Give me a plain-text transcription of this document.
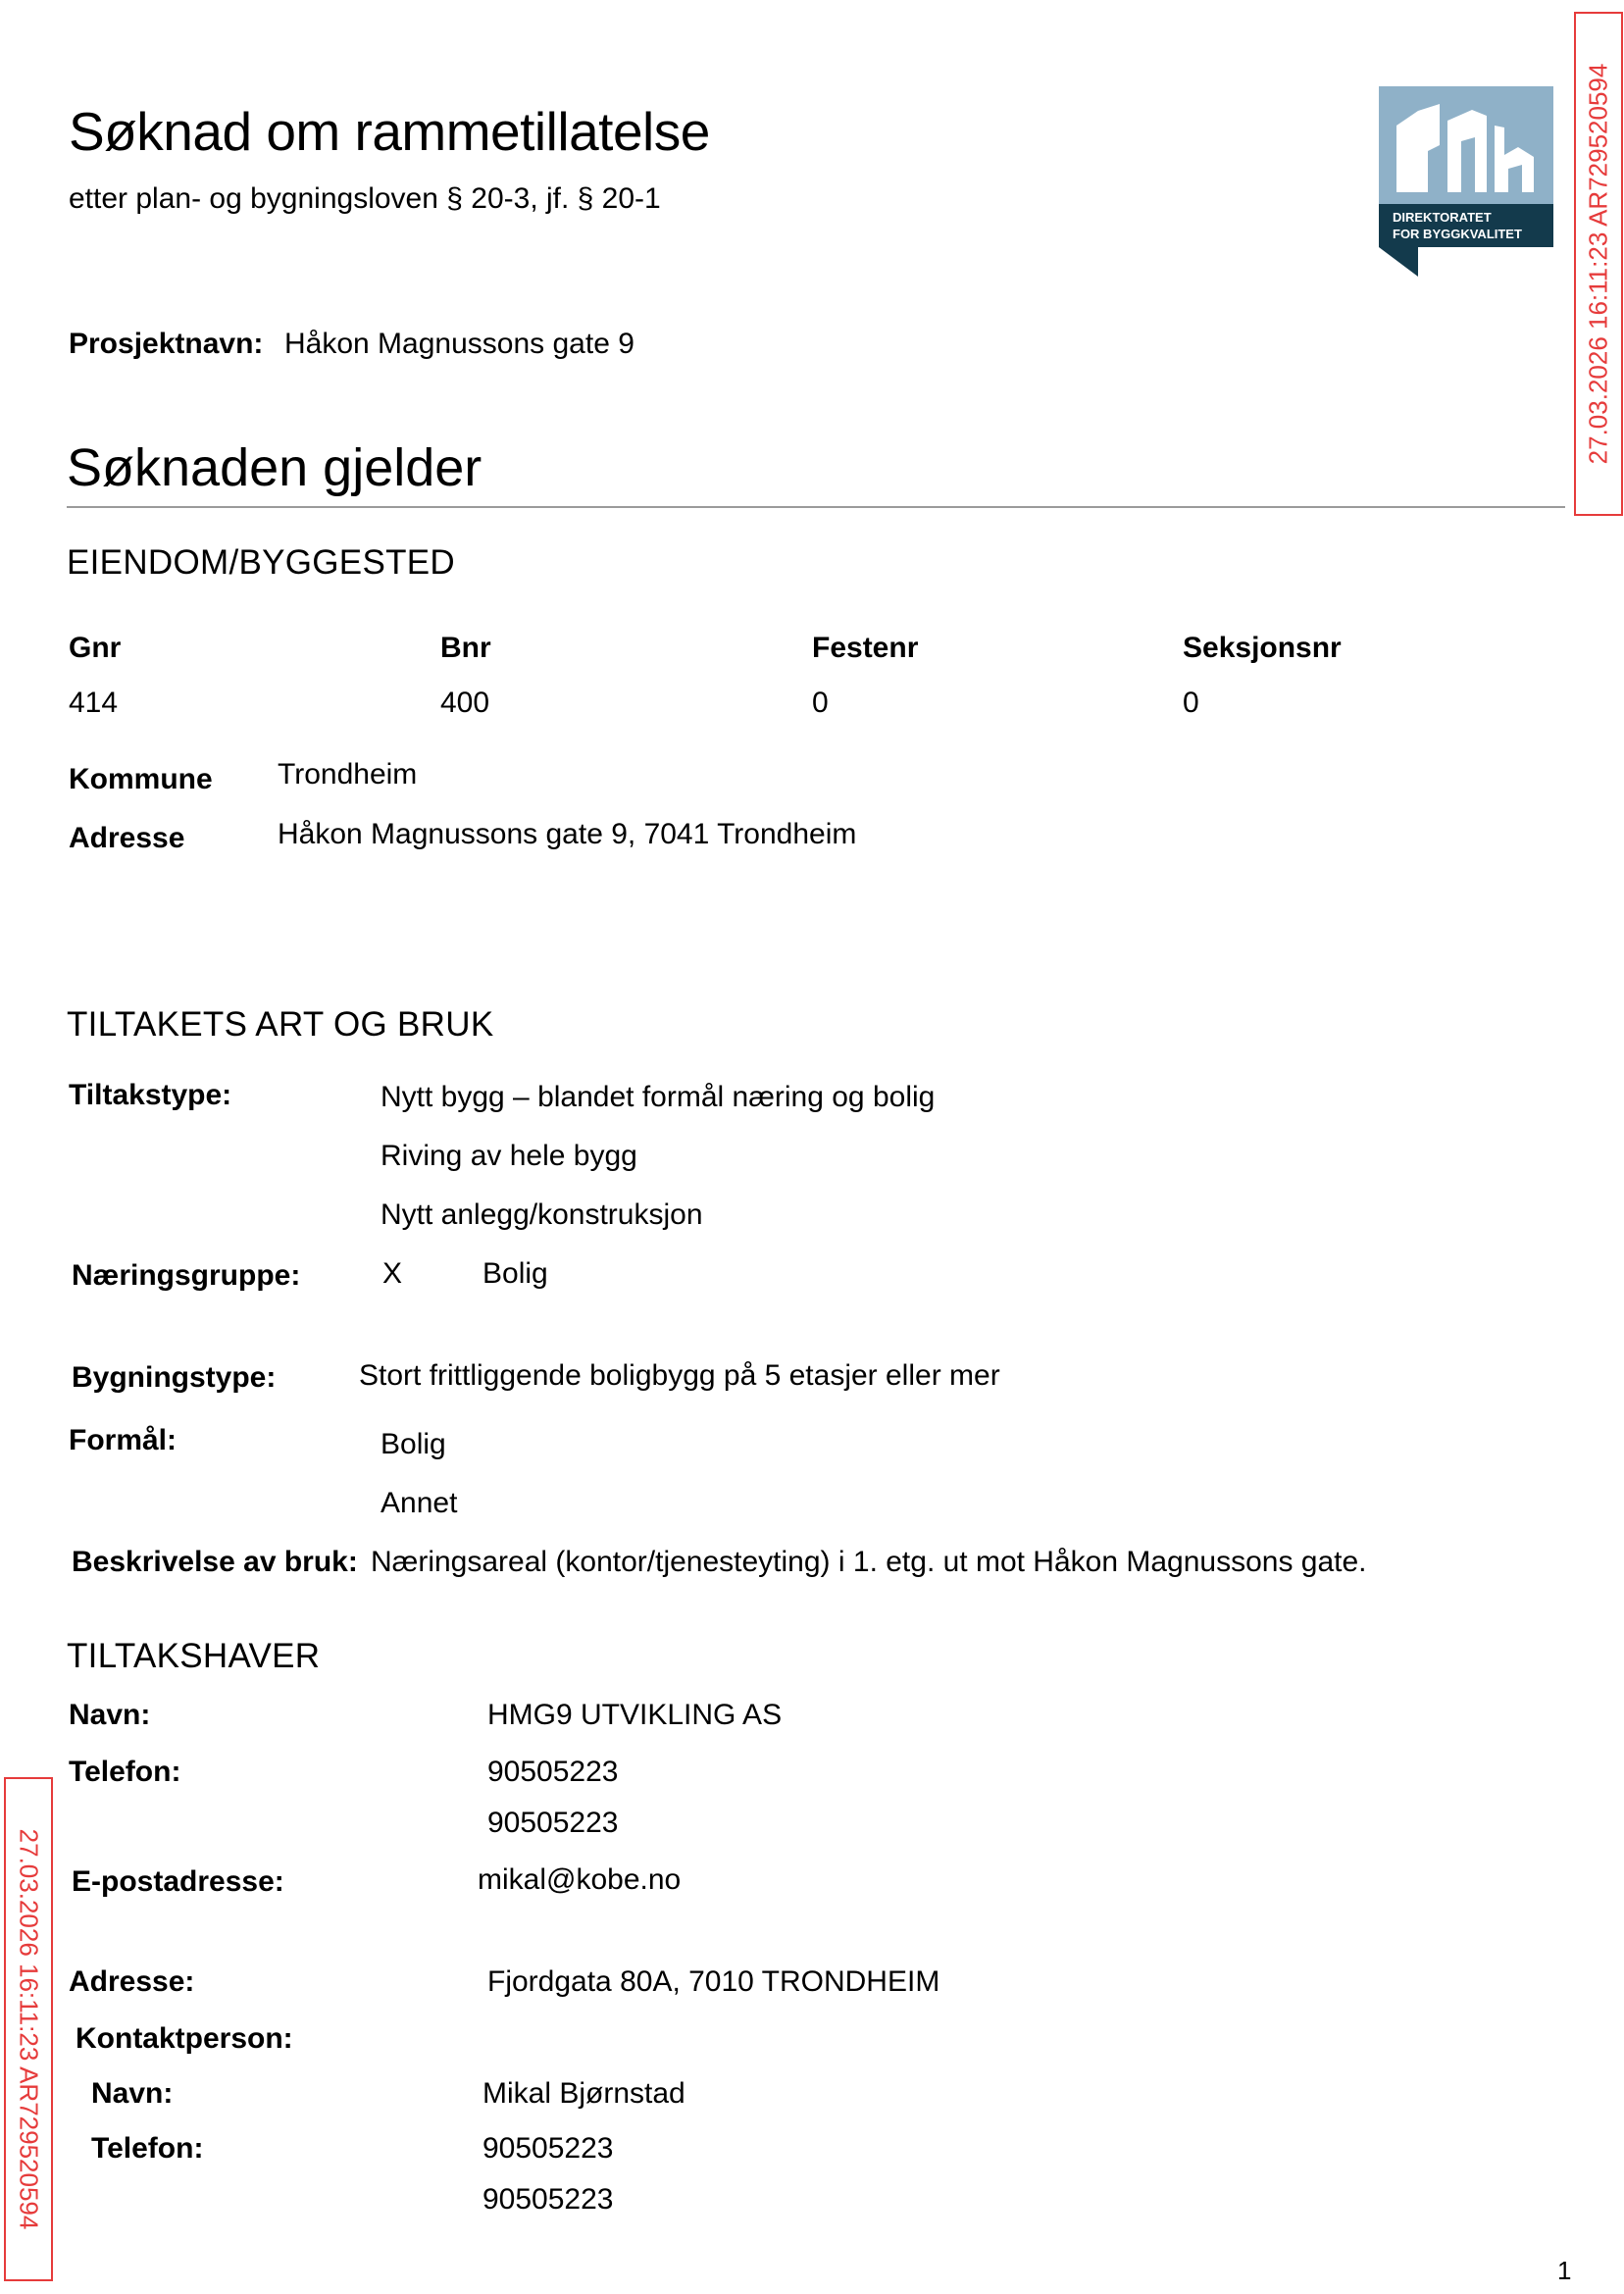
Søknad om rammetillatelse
etter plan- og bygningsloven § 20-3, jf. § 20-1
DIREKTORATET
FOR BYGGKVALITET 27.03.2026 16:11:23 AR729520594
27.03.2026 16:11:23 AR729520594
Prosjektnavn: Håkon Magnussons gate 9
Søknaden gjelder
EIENDOM/BYGGESTED
Gnr	Bnr	Festenr	Seksjonsnr
414	400	0	0
Kommune Trondheim
Adresse	Håkon Magnussons gate 9, 7041 Trondheim
TILTAKETS ART OG BRUK
Tiltakstype:	Nytt bygg – blandet formål næring og bolig
Riving av hele bygg
Nytt anlegg/konstruksjon
Næringsgruppe:	X	Bolig
Bygningstype:	Stort frittliggende boligbygg på 5 etasjer eller mer
Formål:	Bolig
Annet
Beskrivelse av bruk: Næringsareal (kontor/tjenesteyting) i 1. etg. ut mot Håkon Magnussons gate.
TILTAKSHAVER
Navn:	HMG9 UTVIKLING AS
Telefon:	90505223
90505223
E-postadresse:	mikal@kobe.no
Adresse:	Fjordgata 80A, 7010 TRONDHEIM
Kontaktperson:
Navn:	Mikal Bjørnstad
Telefon:	90505223
90505223
1
